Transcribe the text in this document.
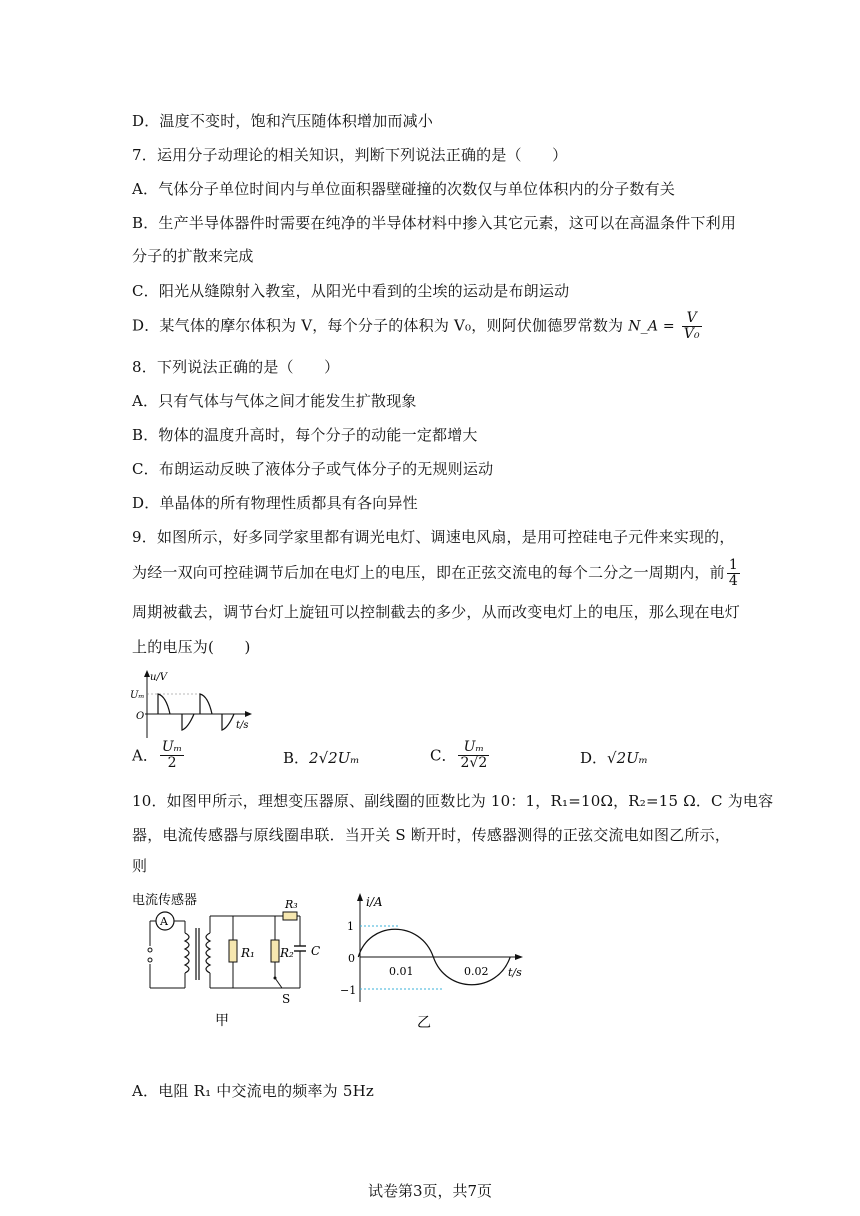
D．温度不变时，饱和汽压随体积增加而减小
7．运用分子动理论的相关知识，判断下列说法正确的是（　　）
A．气体分子单位时间内与单位面积器壁碰撞的次数仅与单位体积内的分子数有关
B．生产半导体器件时需要在纯净的半导体材料中掺入其它元素，这可以在高温条件下利用
分子的扩散来完成
C．阳光从缝隙射入教室，从阳光中看到的尘埃的运动是布朗运动
D．某气体的摩尔体积为 V，每个分子的体积为 V₀，则阿伏伽德罗常数为 N_A = $\frac{V}{\text{V₀}}$
8．下列说法正确的是（　　）
A．只有气体与气体之间才能发生扩散现象
B．物体的温度升高时，每个分子的动能一定都增大
C．布朗运动反映了液体分子或气体分子的无规则运动
D．单晶体的所有物理性质都具有各向异性
9．如图所示，好多同学家里都有调光电灯、调速电风扇，是用可控硅电子元件来实现的，
为经一双向可控硅调节后加在电灯上的电压，即在正弦交流电的每个二分之一周期内，前 $\frac{1}{4}$
周期被截去，调节台灯上旋钮可以控制截去的多少，从而改变电灯上的电压，那么现在电灯
上的电压为(　　)
u/V
Uₘ
O
t/s
A． $\frac{\text{Uₘ}}{2}$	B．2√2Uₘ	C． $\frac{\text{Uₘ}}{2√2}$	D．√2Uₘ
10．如图甲所示，理想变压器原、副线圈的匝数比为 10：1，R₁=10Ω，R₂=15 Ω．C 为电容
器，电流传感器与原线圈串联．当开关 S 断开时，传感器测得的正弦交流电如图乙所示，
则
电流传感器
A
R₁ R₂
R₃
C
S
甲
i/A
1
0
−1
0.01	0.02 t/s
乙
A．电阻 R₁ 中交流电的频率为 5Hz
试卷第3页，共7页
